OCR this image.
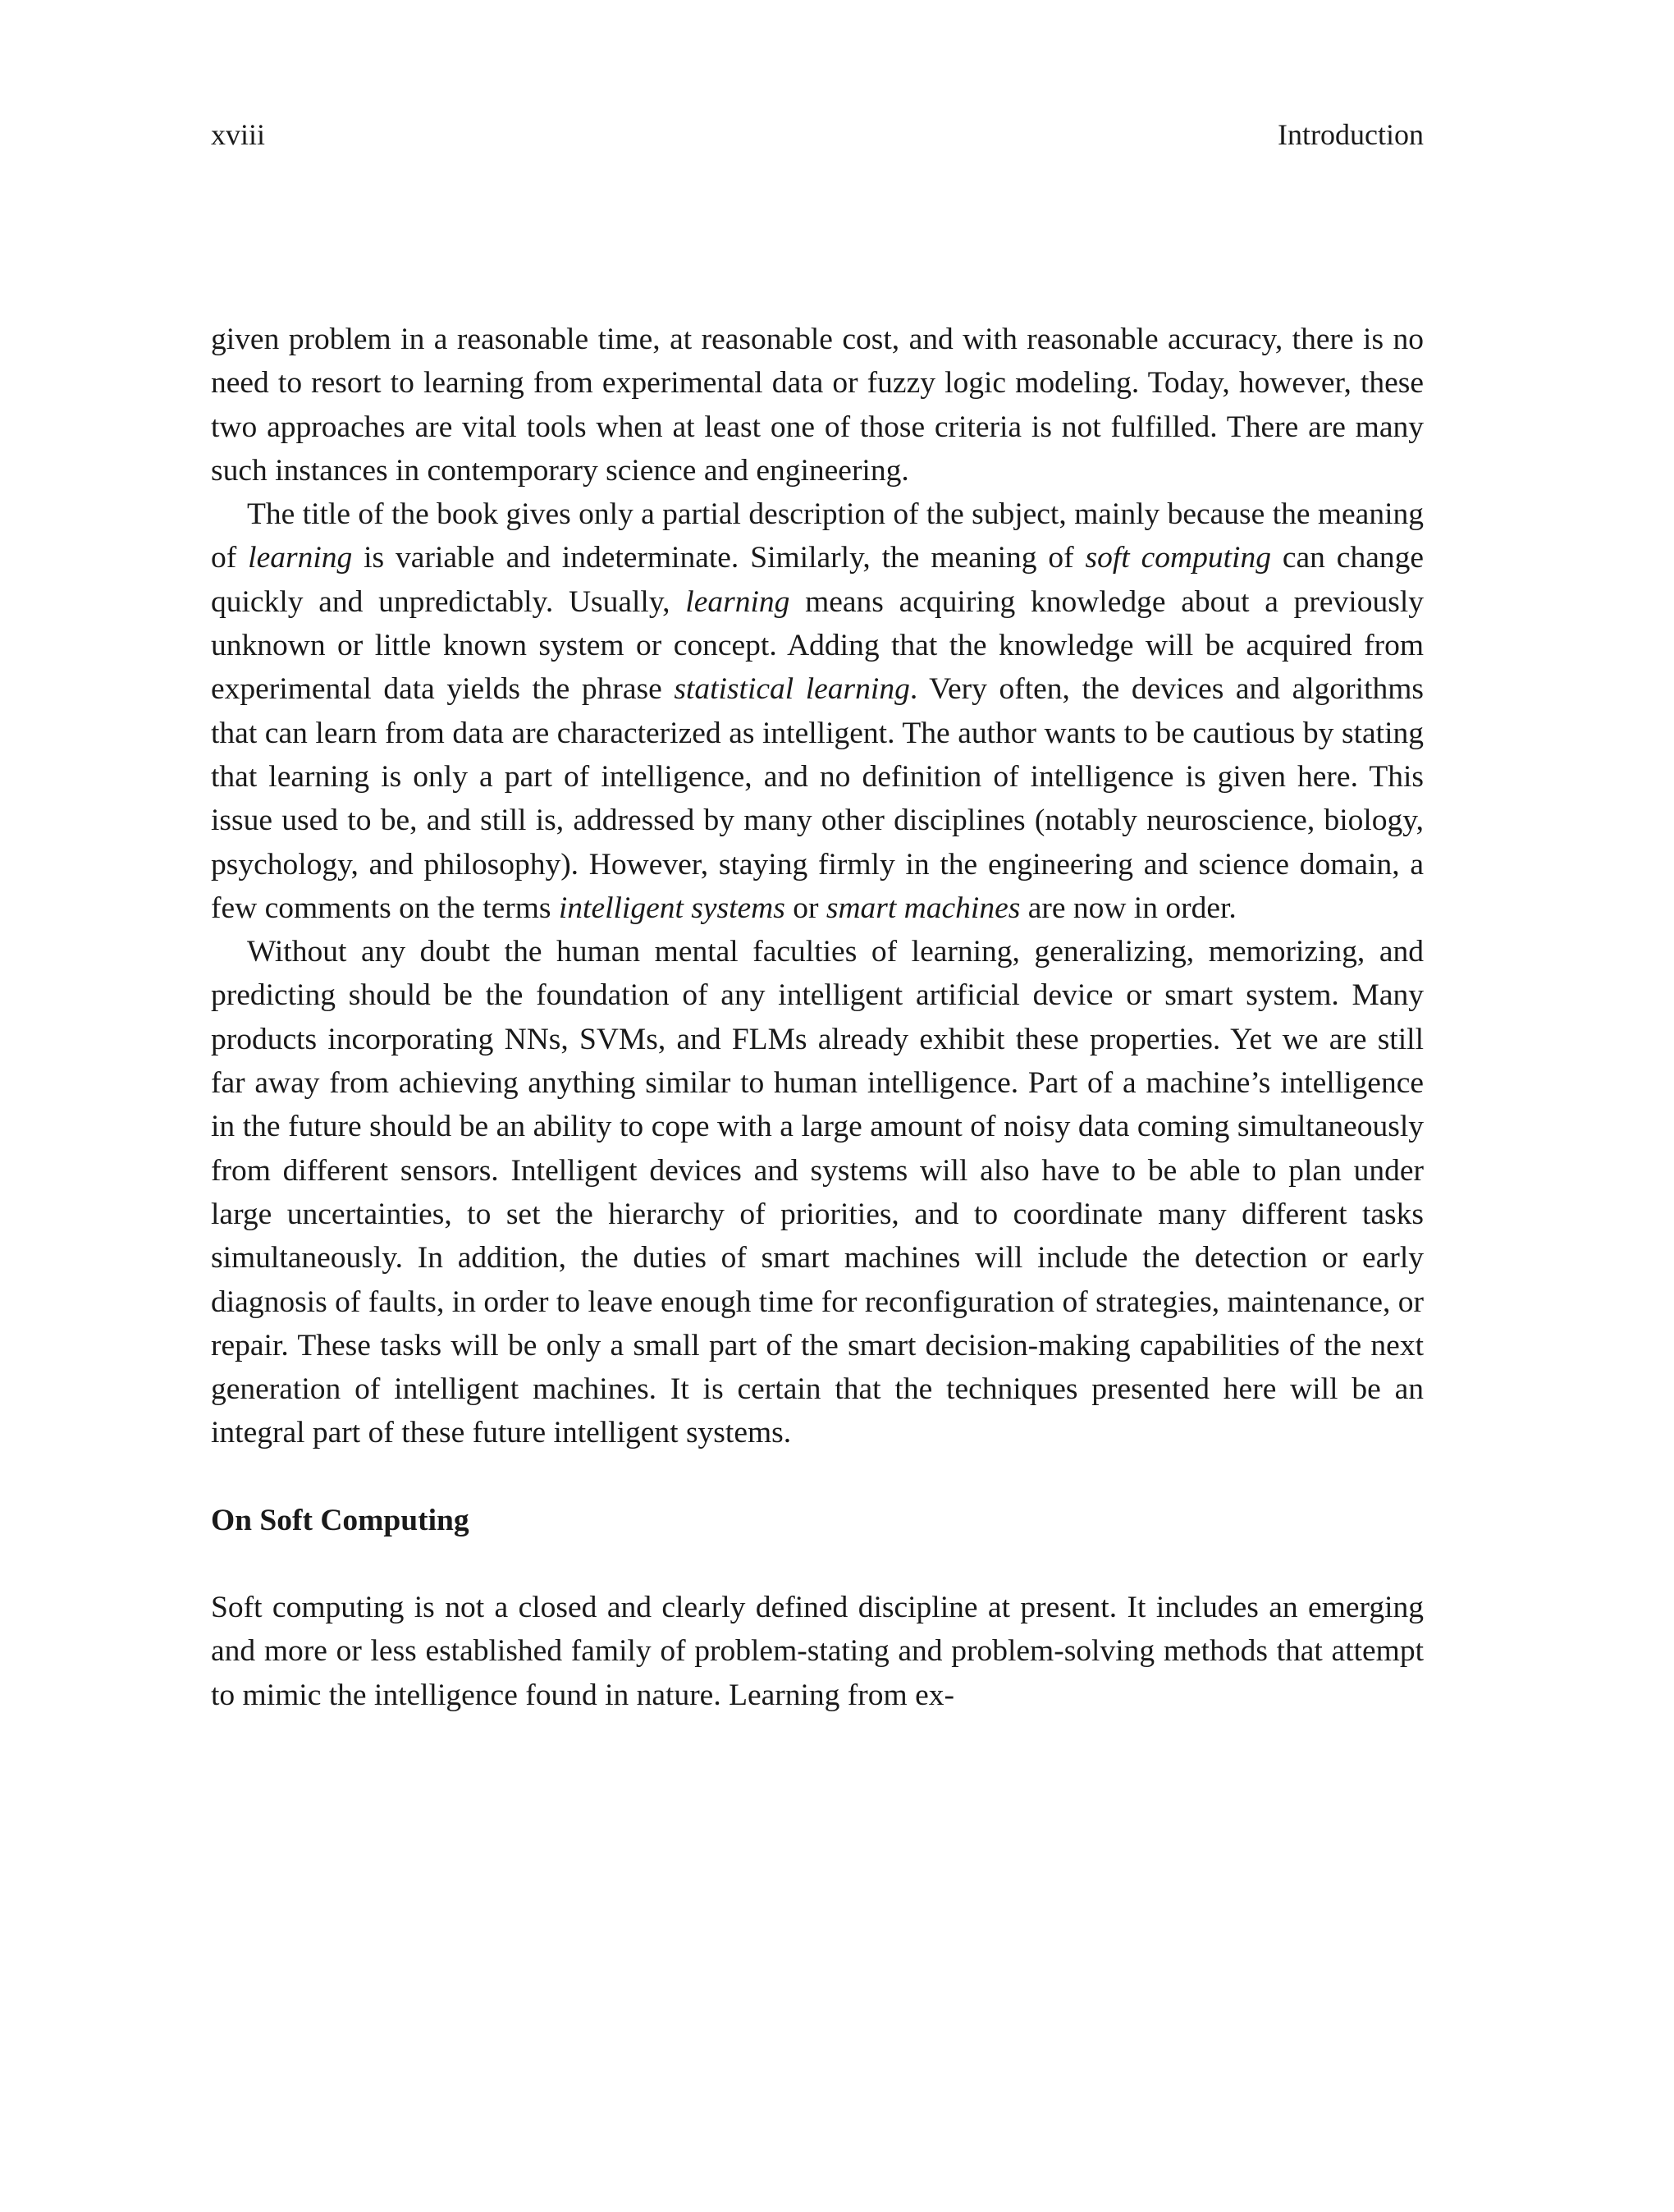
xviii	Introduction

given problem in a reasonable time, at reasonable cost, and with reasonable accuracy, there is no need to resort to learning from experimental data or fuzzy logic modeling. Today, however, these two approaches are vital tools when at least one of those criteria is not fulfilled. There are many such instances in contemporary science and engineering.

The title of the book gives only a partial description of the subject, mainly because the meaning of learning is variable and indeterminate. Similarly, the meaning of soft computing can change quickly and unpredictably. Usually, learning means acquiring knowledge about a previously unknown or little known system or concept. Adding that the knowledge will be acquired from experimental data yields the phrase statistical learning. Very often, the devices and algorithms that can learn from data are characterized as intelligent. The author wants to be cautious by stating that learning is only a part of intelligence, and no definition of intelligence is given here. This issue used to be, and still is, addressed by many other disciplines (notably neuroscience, biology, psychology, and philosophy). However, staying firmly in the engineering and science domain, a few comments on the terms intelligent systems or smart machines are now in order.

Without any doubt the human mental faculties of learning, generalizing, memorizing, and predicting should be the foundation of any intelligent artificial device or smart system. Many products incorporating NNs, SVMs, and FLMs already exhibit these properties. Yet we are still far away from achieving anything similar to human intelligence. Part of a machine’s intelligence in the future should be an ability to cope with a large amount of noisy data coming simultaneously from different sensors. Intelligent devices and systems will also have to be able to plan under large uncertainties, to set the hierarchy of priorities, and to coordinate many different tasks simultaneously. In addition, the duties of smart machines will include the detection or early diagnosis of faults, in order to leave enough time for reconfiguration of strategies, maintenance, or repair. These tasks will be only a small part of the smart decision-making capabilities of the next generation of intelligent machines. It is certain that the techniques presented here will be an integral part of these future intelligent systems.

On Soft Computing

Soft computing is not a closed and clearly defined discipline at present. It includes an emerging and more or less established family of problem-stating and problem-solving methods that attempt to mimic the intelligence found in nature. Learning from ex-
